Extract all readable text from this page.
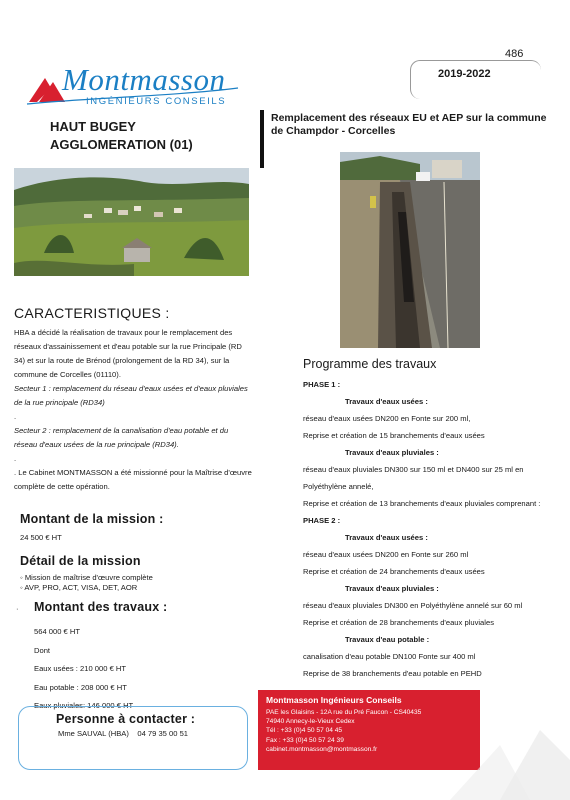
486
Montmasson
INGÉNIEURS CONSEILS
2019-2022
HAUT BUGEY
AGGLOMERATION (01)
Remplacement des réseaux EU et AEP sur la commune de Champdor - Corcelles
CARACTERISTIQUES :

HBA a décidé la réalisation de travaux pour le remplacement des réseaux d'assainissement et d'eau potable sur la rue Principale (RD 34) et sur la route de Brénod (prolongement de la RD 34), sur la commune de Corcelles (01110).

Secteur 1 : remplacement du réseau d'eaux usées et d'eaux pluviales de la rue principale (RD34)

.

Secteur 2 : remplacement de la canalisation d'eau potable et du réseau d'eaux usées de la rue principale (RD34).

.

. Le Cabinet MONTMASSON a été missionné pour la Maîtrise d'œuvre complète de cette opération.

Montant de la mission :
24 500 € HT
Détail de la mission
◦ Mission de maîtrise d'œuvre complète
◦ AVP, PRO, ACT, VISA, DET, AOR
· Montant des travaux :
564 000 € HT
Dont
Eaux usées : 210 000 € HT
Eau potable : 208 000 € HT
Eaux pluviales: 146 000 € HT
Personne à contacter :
Mme SAUVAL (HBA) 04 79 35 00 51
Programme des travaux
PHASE 1 :
Travaux d'eaux usées :
réseau d'eaux usées DN200 en Fonte sur 200 ml,
Reprise et création de 15 branchements d'eaux usées
Travaux d'eaux pluviales :
réseau d'eaux pluviales DN300 sur 150 ml et DN400 sur 25 ml en
Polyéthylène annelé,
Reprise et création de 13 branchements d'eaux pluviales comprenant :
PHASE 2 :
Travaux d'eaux usées :
réseau d'eaux usées DN200 en Fonte sur 260 ml
Reprise et création de 24 branchements d'eaux usées
Travaux d'eaux pluviales :
réseau d'eaux pluviales DN300 en Polyéthylène annelé sur 60 ml
Reprise et création de 28 branchements d'eaux pluviales
Travaux d'eau potable :
canalisation d'eau potable DN100 Fonte sur 400 ml
Reprise de 38 branchements d'eau potable en PEHD
Montmasson Ingénieurs Conseils
PAE les Glaisins - 12A rue du Pré Faucon - CS40435
74940 Annecy-le-Vieux Cedex
Tél : +33 (0)4 50 57 04 45
Fax : +33 (0)4 50 57 24 39
cabinet.montmasson@montmasson.fr
